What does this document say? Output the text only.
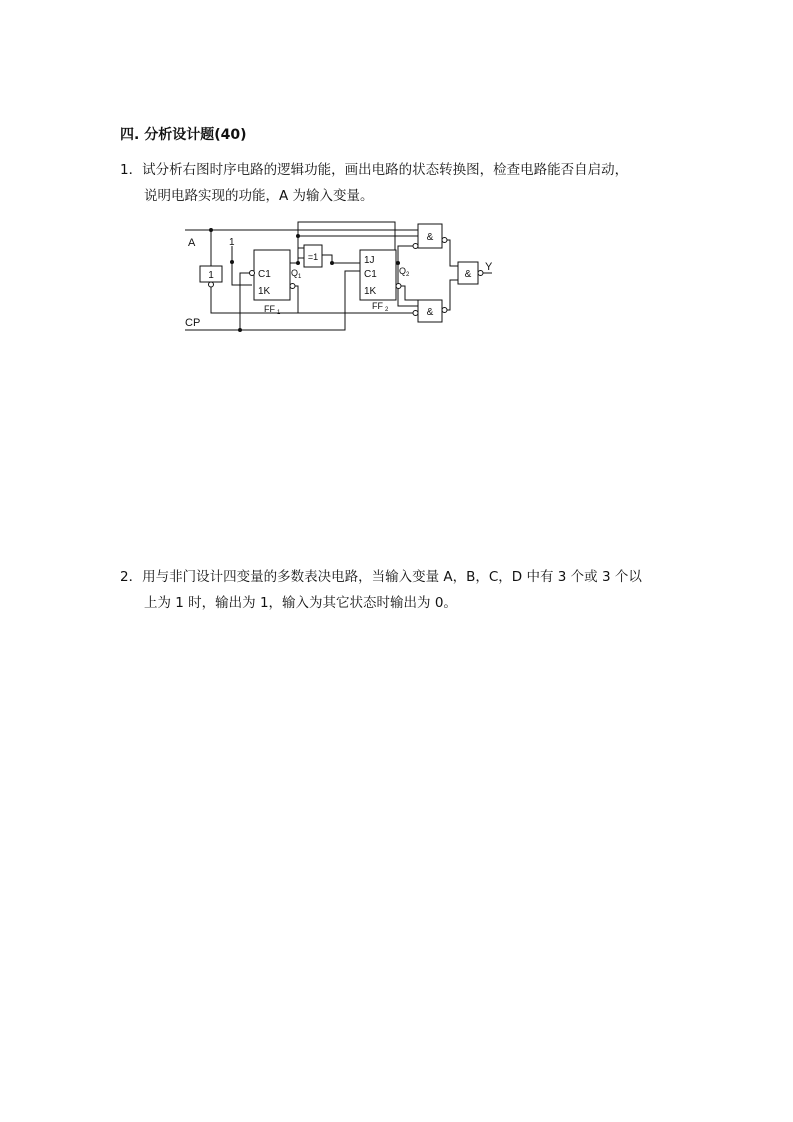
四. 分析设计题(40)
1．试分析右图时序电路的逻辑功能，画出电路的状态转换图，检查电路能否自启动，
说明电路实现的功能，A 为输入变量。
1	C1
1K
FF 1
Q 1
=1	1J
C1
1K
FF 2
Q 2
&
&
&
A	1
CP
Y
2．用与非门设计四变量的多数表决电路，当输入变量 A，B，C，D 中有 3 个或 3 个以
上为 1 时，输出为 1，输入为其它状态时输出为 0。
